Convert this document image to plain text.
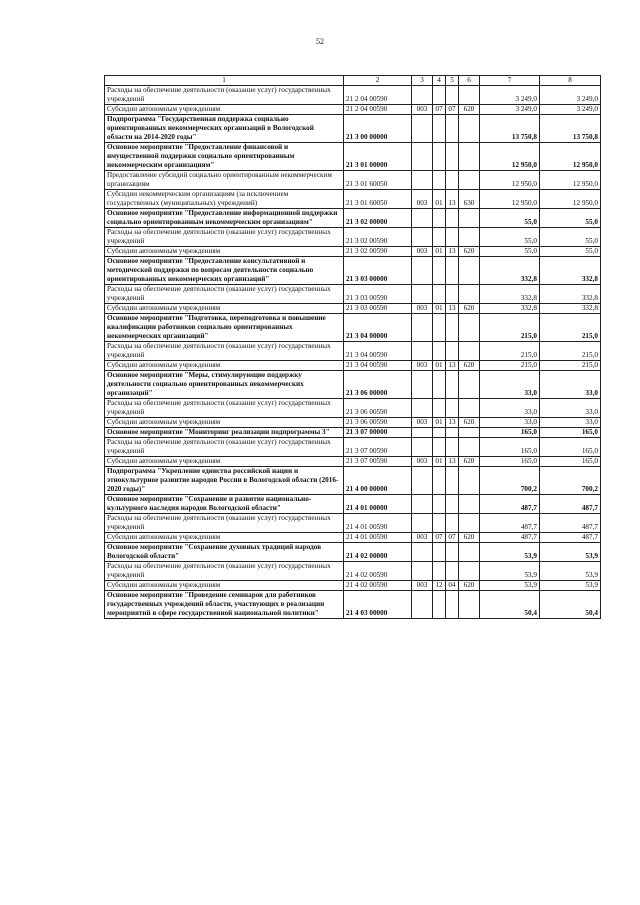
52
1	2	3	4	5	6	7	8
Расходы на обеспечение деятельности (оказание услуг) государственных учреждений	21 2 04 00590					3 249,0	3 249,0
Субсидии автономным учреждениям	21 2 04 00590	003	07	07	620	3 249,0	3 249,0
Подпрограмма "Государственная поддержка социально ориентированных некоммерческих организаций в Вологодской области на 2014-2020 годы"	21 3 00 00000					13 750,8	13 750,8
Основное мероприятие "Предоставление финансовой и имущественной поддержки социально ориентированным некоммерческим организациям"	21 3 01 00000					12 950,0	12 950,0
Предоставление субсидий социально ориентированным некоммерческим организациям	21 3 01 60050					12 950,0	12 950,0
Субсидии некоммерческим организациям (за исключением государственных (муниципальных) учреждений)	21 3 01 60050	003	01	13	630	12 950,0	12 950,0
Основное мероприятие "Предоставление информационной поддержки социально ориентированным некоммерческим организациям"	21 3 02 00000					55,0	55,0
Расходы на обеспечение деятельности (оказание услуг) государственных учреждений	21 3 02 00590					55,0	55,0
Субсидии автономным учреждениям	21 3 02 00590	003	01	13	620	55,0	55,0
Основное мероприятие "Предоставление консультативной и методической поддержки по вопросам деятельности социально ориентированных некоммерческих организаций"	21 3 03 00000					332,8	332,8
Расходы на обеспечение деятельности (оказание услуг) государственных учреждений	21 3 03 00590					332,8	332,8
Субсидии автономным учреждениям	21 3 03 00590	003	01	13	620	332,8	332,8
Основное мероприятие "Подготовка, переподготовка и повышение квалификации работников социально ориентированных некоммерческих организаций"	21 3 04 00000					215,0	215,0
Расходы на обеспечение деятельности (оказание услуг) государственных учреждений	21 3 04 00590					215,0	215,0
Субсидии автономным учреждениям	21 3 04 00590	003	01	13	620	215,0	215,0
Основное мероприятие "Меры, стимулирующие поддержку деятельности социально ориентированных некоммерческих организаций"	21 3 06 00000					33,0	33,0
Расходы на обеспечение деятельности (оказание услуг) государственных учреждений	21 3 06 00590					33,0	33,0
Субсидии автономным учреждениям	21 3 06 00590	003	01	13	620	33,0	33,0
Основное мероприятие "Мониторинг реализации подпрограммы 3"	21 3 07 00000					165,0	165,0
Расходы на обеспечение деятельности (оказание услуг) государственных учреждений	21 3 07 00590					165,0	165,0
Субсидии автономным учреждениям	21 3 07 00590	003	01	13	620	165,0	165,0
Подпрограмма "Укрепление единства российской нации и этнокультурное развитие народов России в Вологодской области (2016-2020 годы)"	21 4 00 00000					700,2	700,2
Основное мероприятие "Сохранение и развитие национально-культурного наследия народов Вологодской области"	21 4 01 00000					487,7	487,7
Расходы на обеспечение деятельности (оказание услуг) государственных учреждений	21 4 01 00590					487,7	487,7
Субсидии автономным учреждениям	21 4 01 00590	003	07	07	620	487,7	487,7
Основное мероприятие "Сохранение духовных традиций народов Вологодской области"	21 4 02 00000					53,9	53,9
Расходы на обеспечение деятельности (оказание услуг) государственных учреждений	21 4 02 00590					53,9	53,9
Субсидии автономным учреждениям	21 4 02 00590	003	12	04	620	53,9	53,9
Основное мероприятие "Проведение семинаров для работников государственных учреждений области, участвующих в реализации мероприятий в сфере государственной национальной политики"	21 4 03 00000					50,4	50,4
